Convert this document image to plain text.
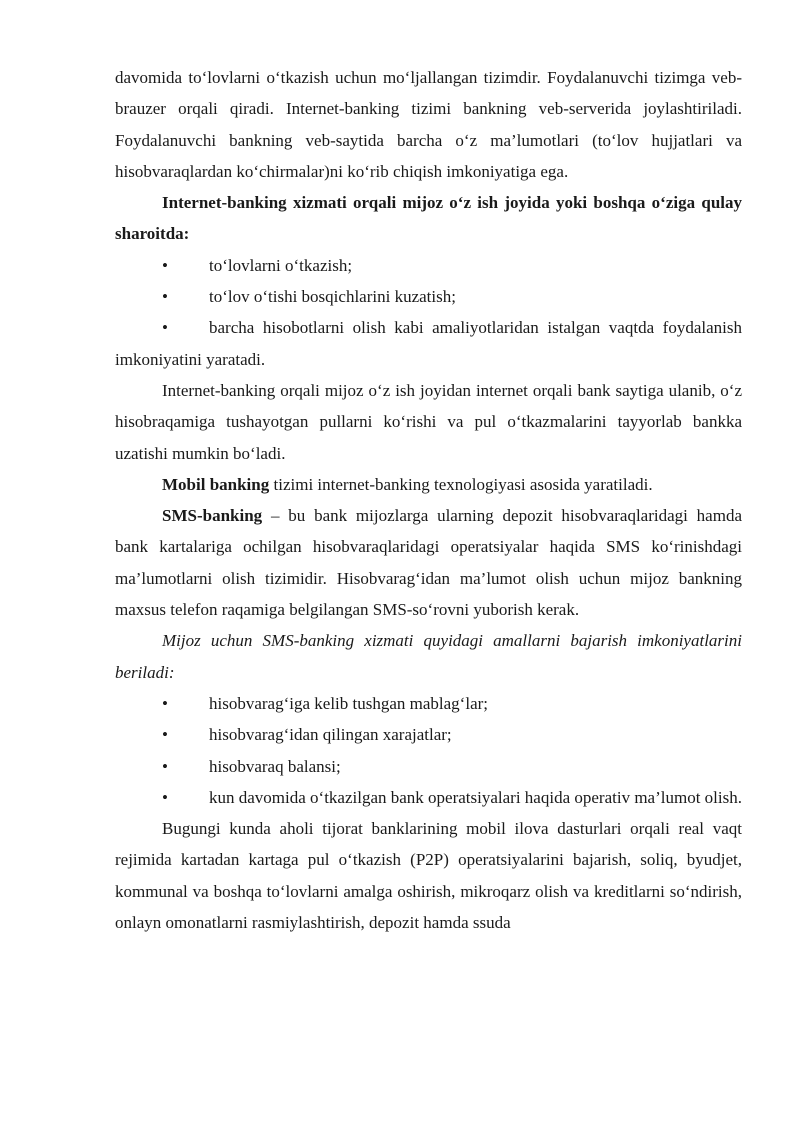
davomida to‘lovlarni o‘tkazish uchun mo‘ljallangan tizimdir. Foydalanuvchi tizimga veb-brauzer orqali qiradi. Internet-banking tizimi bankning veb-serverida joylashtiriladi. Foydalanuvchi bankning veb-saytida barcha o‘z ma’lumotlari (to‘lov hujjatlari va hisobvaraqlardan ko‘chirmalar)ni ko‘rib chiqish imkoniyatiga ega.

Internet-banking xizmati orqali mijoz o‘z ish joyida yoki boshqa o‘ziga qulay sharoitda:

• to‘lovlarni o‘tkazish;

• to‘lov o‘tishi bosqichlarini kuzatish;

• barcha hisobotlarni olish kabi amaliyotlaridan istalgan vaqtda foydalanish imkoniyatini yaratadi.

Internet-banking orqali mijoz o‘z ish joyidan internet orqali bank saytiga ulanib, o‘z hisobraqamiga tushayotgan pullarni ko‘rishi va pul o‘tkazmalarini tayyorlab bankka uzatishi mumkin bo‘ladi.

Mobil banking tizimi internet-banking texnologiyasi asosida yaratiladi.

SMS-banking – bu bank mijozlarga ularning depozit hisobvaraqlaridagi hamda bank kartalariga ochilgan hisobvaraqlaridagi operatsiyalar haqida SMS ko‘rinishdagi ma’lumotlarni olish tizimidir. Hisobvarag‘idan ma’lumot olish uchun mijoz bankning maxsus telefon raqamiga belgilangan SMS-so‘rovni yuborish kerak.

Mijoz uchun SMS-banking xizmati quyidagi amallarni bajarish imkoniyatlarini beriladi:

• hisobvarag‘iga kelib tushgan mablag‘lar;

• hisobvarag‘idan qilingan xarajatlar;

• hisobvaraq balansi;

• kun davomida o‘tkazilgan bank operatsiyalari haqida operativ ma’lumot olish.

Bugungi kunda aholi tijorat banklarining mobil ilova dasturlari orqali real vaqt rejimida kartadan kartaga pul o‘tkazish (P2P) operatsiyalarini bajarish, soliq, byudjet, kommunal va boshqa to‘lovlarni amalga oshirish, mikroqarz olish va kreditlarni so‘ndirish, onlayn omonatlarni rasmiylashtirish, depozit hamda ssuda
